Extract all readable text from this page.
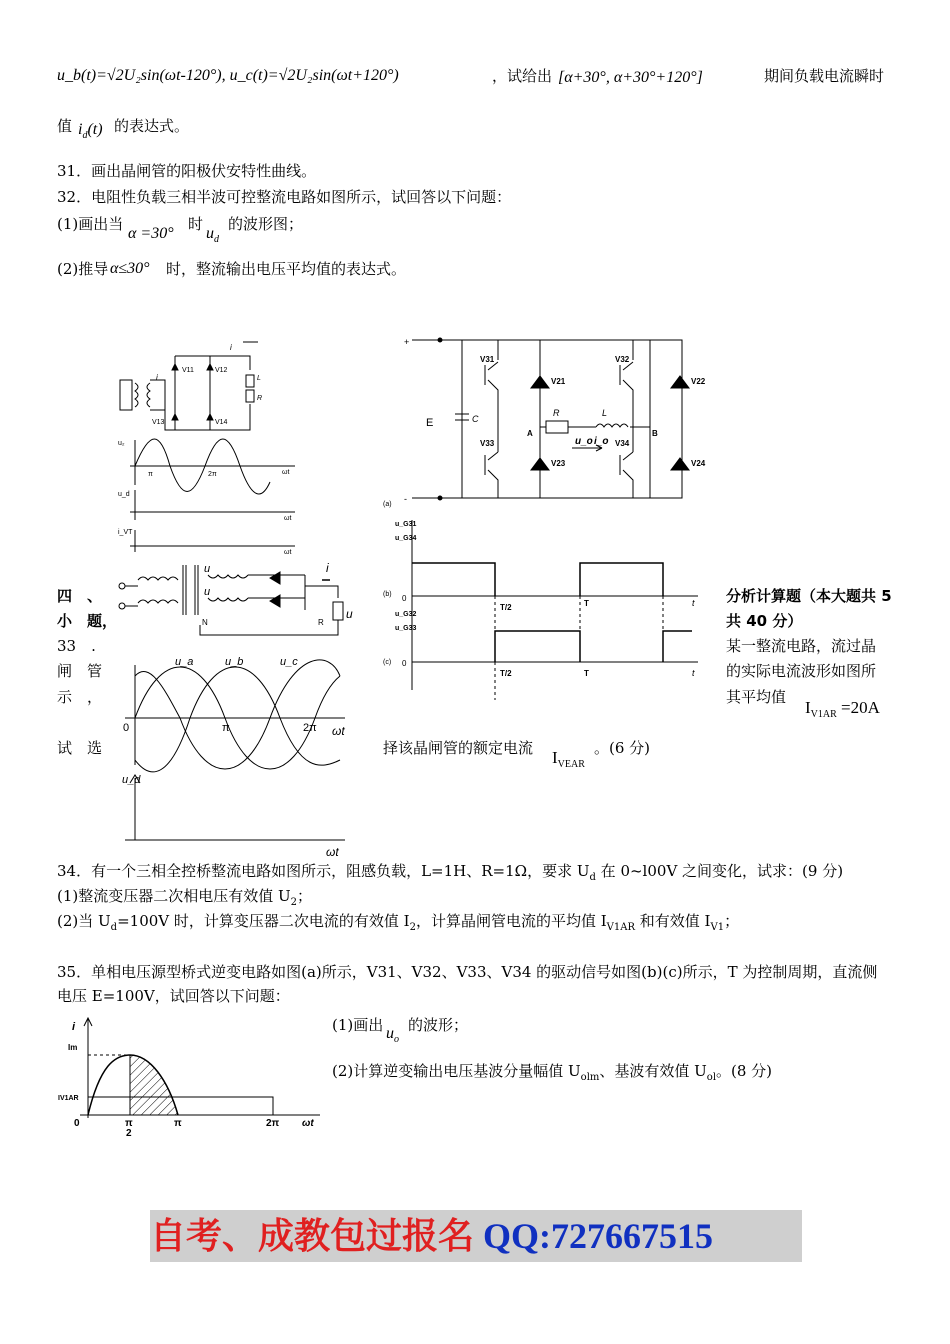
u_b(t)=√2U₂sin(ωt-120°), u_c(t)=√2U₂sin(ωt+120°)	，试给出 [α+30°, α+30°+120°]	期间负载电流瞬时
值 $i_d(t)$ 的表达式。
31．画出晶闸管的阳极伏安特性曲线。
32．电阻性负载三相半波可控整流电路如图所示，试回答以下问题：
(1)画出当
α =30°
时
$u_d$
的波形图；
(2)推导 α≤30° 时，整流输出电压平均值的表达式。
四　、
小　题，
33　.
闸　管
示　，
试　选
分析计算题（本大题共 5
共 40 分）
某一整流电路，流过晶
的实际电流波形如图所
其平均值
$I_{V1AR} =20A$
择该晶闸管的额定电流 $I_{VEAR}$
。(6 分)
34．有一个三相全控桥整流电路如图所示，阻感负载，L=1H、R=1Ω，要求 $U_d$ 在 0~l00V 之间变化，试求：(9 分)
(1)整流变压器二次相电压有效值 $U_2$；
(2)当 $U_d=100V$ 时，计算变压器二次电流的有效值 $I_2$，计算晶闸管电流的平均值 $I_{V1AR}$ 和有效值 $I_{V1}$；
35．单相电压源型桥式逆变电路如图(a)所示，V31、V32、V33、V34 的驱动信号如图(b)(c)所示，T 为控制周期，直流侧
电压 E=100V，试回答以下问题：
(1)画出 $u_o$
的波形；
(2)计算逆变输出电压基波分量幅值 $U_{olm}$、基波有效值 $U_{ol}$。(8 分)
i
i
V11	V12
V13	V14
L
R
π	2π	ωt
u₂
u_d
i_VT
ωt
ωt
i
u
R
N
u
u
u_a	u_b	u_c
0	π	2π ωt
u_d
ωt
+
-
E	C
R	L
A	B
V31	V32
V33	V34
V21	V22
V23	V24
u_o i_o
(a)
u_G31
u_G34
u_G32
u_G33
0
0
(b)
(c)
T/2	T	t
T/2	T	t
i
Im
IV1AR
0	π
2
π	2π ωt
自考、成教包过报名 QQ:727667515
